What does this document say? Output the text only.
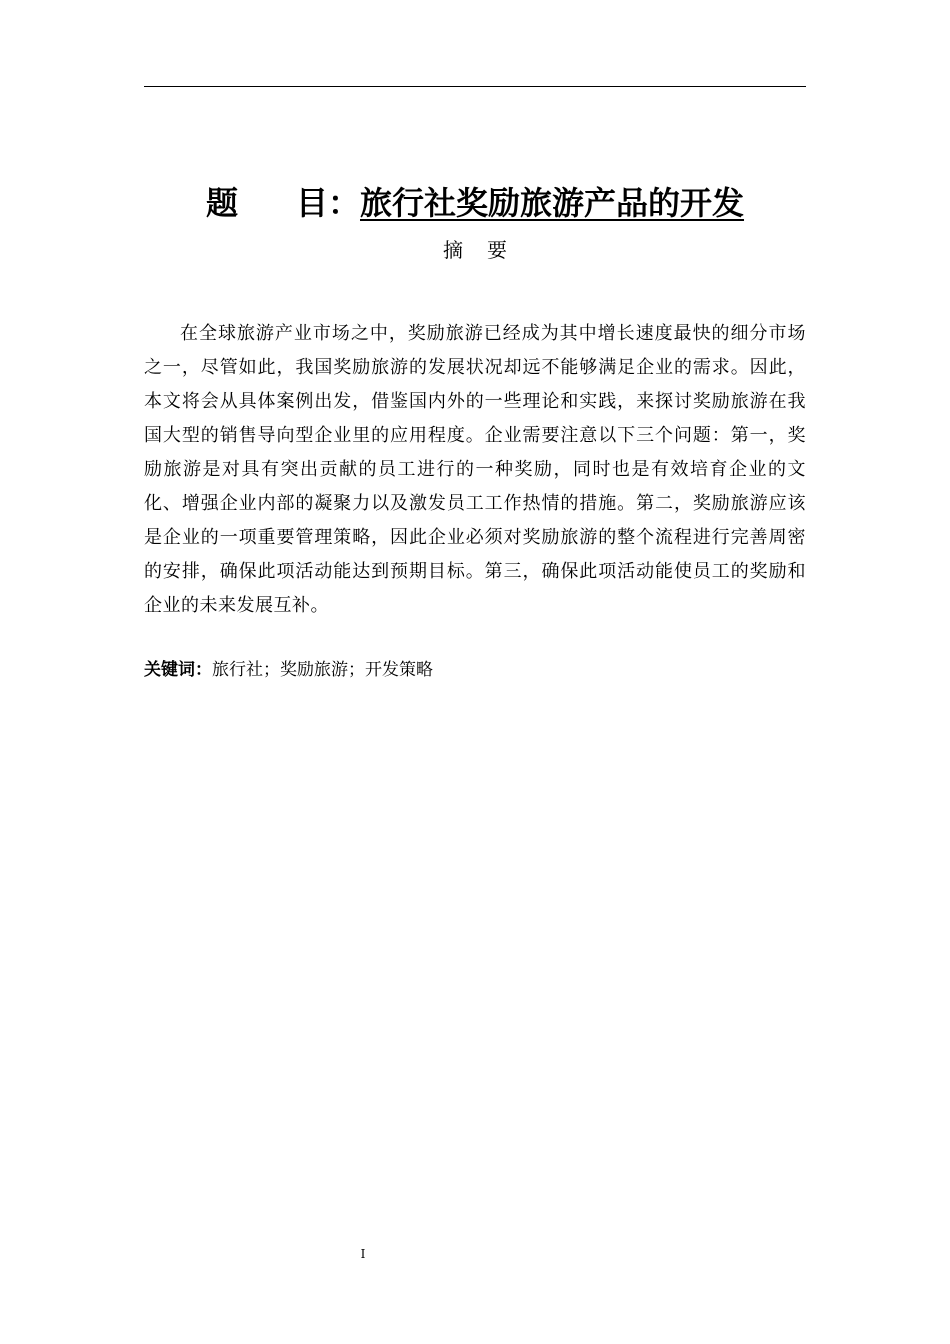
题 目：旅行社奖励旅游产品的开发
摘 要

在全球旅游产业市场之中，奖励旅游已经成为其中增长速度最快的细分市场之一，尽管如此，我国奖励旅游的发展状况却远不能够满足企业的需求。因此，本文将会从具体案例出发，借鉴国内外的一些理论和实践，来探讨奖励旅游在我国大型的销售导向型企业里的应用程度。企业需要注意以下三个问题：第一，奖励旅游是对具有突出贡献的员工进行的一种奖励，同时也是有效培育企业的文化、增强企业内部的凝聚力以及激发员工工作热情的措施。第二，奖励旅游应该是企业的一项重要管理策略，因此企业必须对奖励旅游的整个流程进行完善周密的安排，确保此项活动能达到预期目标。第三，确保此项活动能使员工的奖励和企业的未来发展互补。

关键词：旅行社；奖励旅游；开发策略
I
